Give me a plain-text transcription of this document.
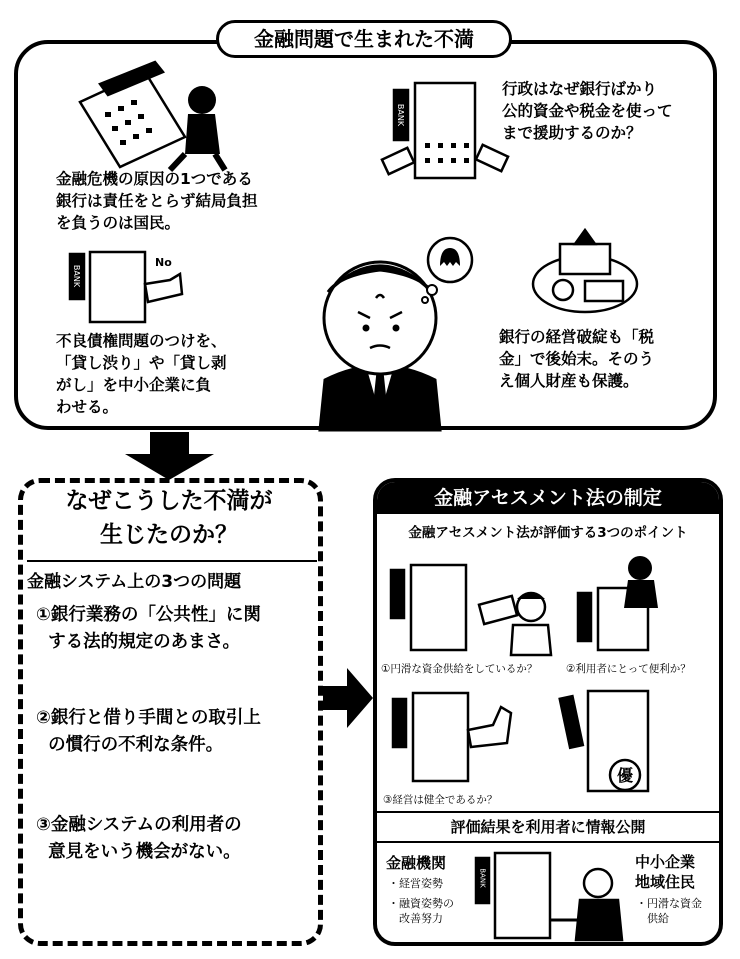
金融問題で生まれた不満
金融危機の原因の1つである
銀行は責任をとらず結局負担
を負うのは国民。
BANK
行政はなぜ銀行ばかり
公的資金や税金を使って
まで援助するのか？
BANK
No
不良債権問題のつけを、
「貸し渋り」や「貸し剥
がし」を中小企業に負
わせる。
銀行の経営破綻も「税
金」で後始末。そのう
え個人財産も保護。
なぜこうした不満が
生じたのか？
金融システム上の3つの問題
①銀行業務の「公共性」に関
する法的規定のあまさ。
②銀行と借り手間との取引上
の慣行の不利な条件。
③金融システムの利用者の
意見をいう機会がない。
金融アセスメント法の制定
金融アセスメント法が評価する3つのポイント
①円滑な資金供給をしているか？	②利用者にとって便利か？
③経営は健全であるか？
優
評価結果を利用者に情報公開
金融機関
・経営姿勢
・融資姿勢の
　改善努力
BANK
中小企業
地域住民
・円滑な資金
　供給
